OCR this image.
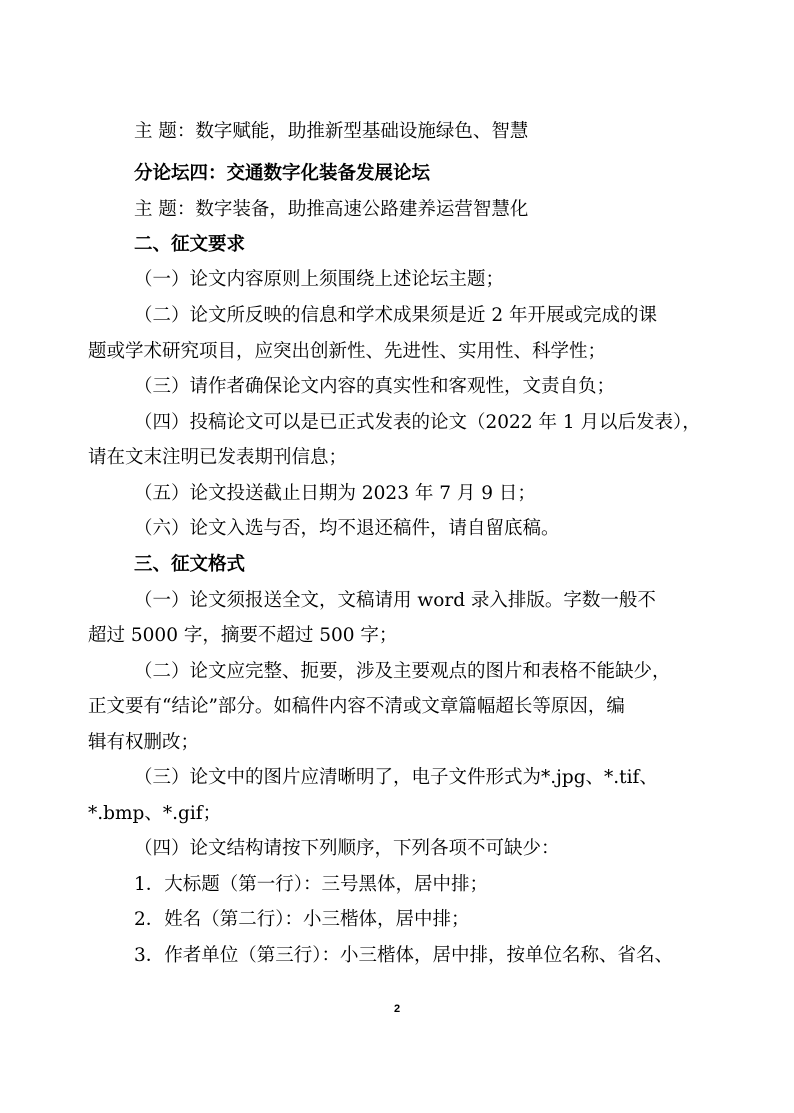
主 题：数字赋能，助推新型基础设施绿色、智慧
分论坛四：交通数字化装备发展论坛
主 题：数字装备，助推高速公路建养运营智慧化
二、征文要求
（一）论文内容原则上须围绕上述论坛主题；
（二）论文所反映的信息和学术成果须是近 2 年开展或完成的课
题或学术研究项目，应突出创新性、先进性、实用性、科学性；
（三）请作者确保论文内容的真实性和客观性，文责自负；
（四）投稿论文可以是已正式发表的论文（2022 年 1 月以后发表），
请在文末注明已发表期刊信息；
（五）论文投送截止日期为 2023 年 7 月 9 日；
（六）论文入选与否，均不退还稿件，请自留底稿。
三、征文格式
（一）论文须报送全文，文稿请用 word 录入排版。字数一般不
超过 5000 字，摘要不超过 500 字；
（二）论文应完整、扼要，涉及主要观点的图片和表格不能缺少，
正文要有“结论”部分。如稿件内容不清或文章篇幅超长等原因，编
辑有权删改；
（三）论文中的图片应清晰明了，电子文件形式为*.jpg、*.tif、
*.bmp、*.gif；
（四）论文结构请按下列顺序，下列各项不可缺少：
1．大标题（第一行）：三号黑体，居中排；
2．姓名（第二行）：小三楷体，居中排；
3．作者单位（第三行）：小三楷体，居中排，按单位名称、省名、
2
